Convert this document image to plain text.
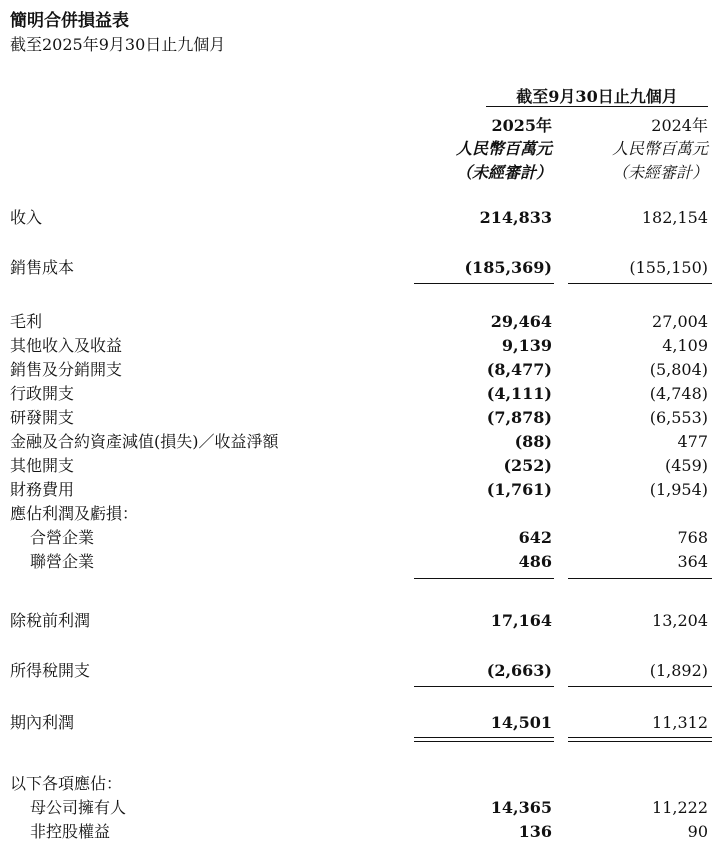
簡明合併損益表
截至2025年9月30日止九個月
截至9月30日止九個月
2025年	2024年
人民幣百萬元	人民幣百萬元
（未經審計）	（未經審計）
收入	214,833	182,154
銷售成本	(185,369)	(155,150)
毛利	29,464	27,004
其他收入及收益	9,139	4,109
銷售及分銷開支	(8,477)	(5,804)
行政開支	(4,111)	(4,748)
研發開支	(7,878)	(6,553)
金融及合約資產減值(損失)／收益淨額	(88)	477
其他開支	(252)	(459)
財務費用	(1,761)	(1,954)
應佔利潤及虧損：
合營企業	642	768
聯營企業	486	364
除稅前利潤	17,164	13,204
所得稅開支	(2,663)	(1,892)
期內利潤	14,501	11,312
以下各項應佔：
母公司擁有人	14,365	11,222
非控股權益	136	90
